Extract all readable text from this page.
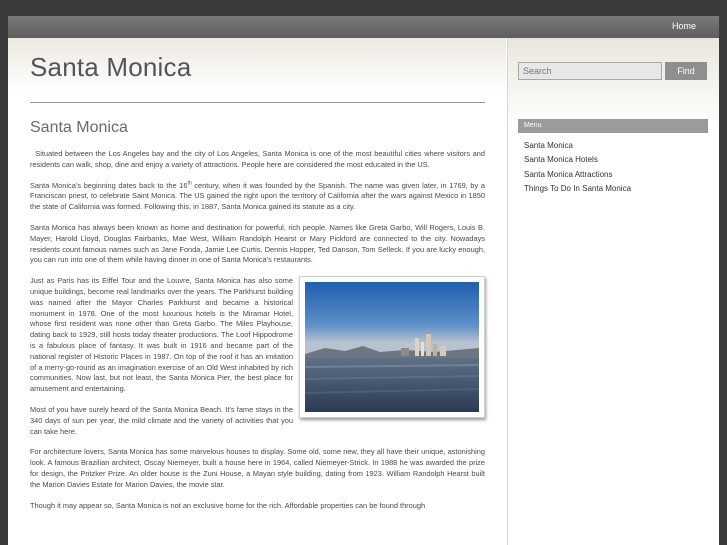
Home
Santa Monica
Search	Find
Menu
Santa Monica
Santa Monica Hotels
Santa Monica Attractions
Things To Do In Santa Monica
Santa Monica

Situated between the Los Angeles bay and the city of Los Angeles, Santa Monica is one of the most beautiful cities where visitors and residents can walk, shop, dine and enjoy a variety of attractions. People here are considered the most educated in the US.

Santa Monica’s beginning dates back to the 16th century, when it was founded by the Spanish. The name was given later, in 1769, by a Franciscan priest, to celebrate Saint Monica. The US gained the right upon the territory of California after the wars against Mexico in 1850 the state of California was formed. Following this, in 1887, Santa Monica gained its statute as a city.

Santa Monica has always been known as home and destination for powerful, rich people. Names like Greta Garbo, Will Rogers, Louis B. Mayer, Harold Lloyd, Douglas Fairbanks, Mae West, William Randolph Hearst or Mary Pickford are connected to the city. Nowadays residents count famous names such as Jane Fonda, Jamie Lee Curtis, Dennis Hopper, Ted Danson, Tom Selleck. If you are lucky enough, you can run into one of them while having dinner in one of Santa Monica’s restaurants.

Just as Paris has its Eiffel Tour and the Louvre, Santa Monica has also some unique buildings, become real landmarks over the years. The Parkhurst building was named after the Mayor Charles Parkhurst and became a historical monument in 1978. One of the most luxurious hotels is the Miramar Hotel, whose first resident was none other than Greta Garbo. The Miles Playhouse, dating back to 1929, still hosts today theater productions. The Loof Hippodrome is a fabulous place of fantasy. It was built in 1916 and became part of the national register of Historic Places in 1987. On top of the roof it has an imitation of a merry-go-round as an imagination exercise of an Old West inhabited by rich communities. Now last, but not least, the Santa Monica Pier, the best place for amusement and entertaining.

Most of you have surely heard of the Santa Monica Beach. It’s fame stays in the 340 days of sun per year, the mild climate and the variety of activities that you can take here.

For architecture lovers, Santa Monica has some marvelous houses to display. Some old, some new, they all have their unique, astonishing look. A famous Brazilian architect, Oscay Niemeyer, built a house here in 1964, called Niemeyer-Strick. In 1988 he was awarded the prize for design, the Pritzker Prize. An older house is the Zuni House, a Mayan style building, dating from 1923. William Randolph Hearst built the Marion Davies Estate for Marion Davies, the movie star.

Though it may appear so, Santa Monica is not an exclusive home for the rich. Affordable properties can be found through
